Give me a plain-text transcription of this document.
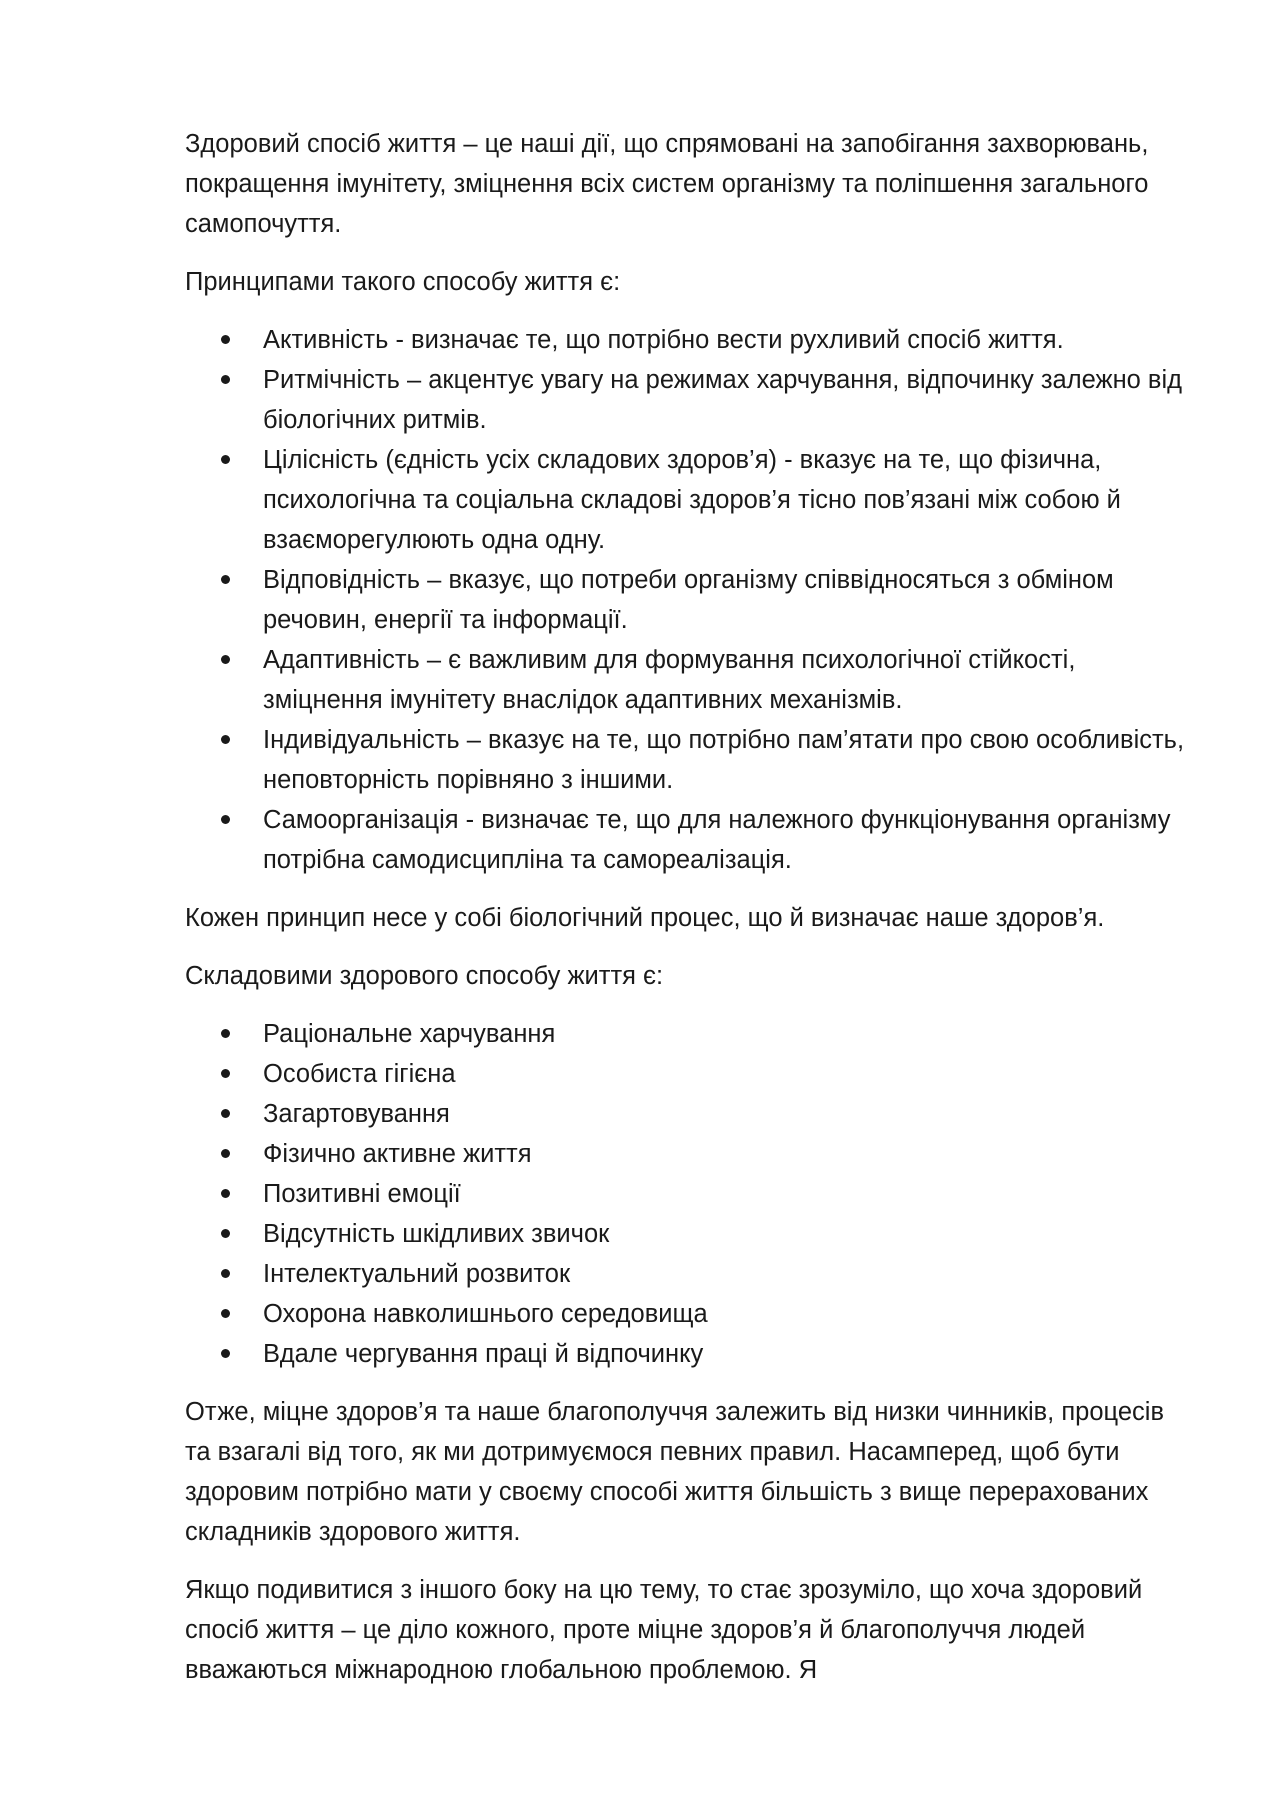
Здоровий спосіб життя – це наші дії, що спрямовані на запобігання захворювань, покращення імунітету, зміцнення всіх систем організму та поліпшення загального самопочуття.

Принципами такого способу життя є:

Активність - визначає те, що потрібно вести рухливий спосіб життя.
Ритмічність – акцентує увагу на режимах харчування, відпочинку залежно від біологічних ритмів.
Цілісність (єдність усіх складових здоров’я) - вказує на те, що фізична, психологічна та соціальна складові здоров’я тісно пов’язані між собою й взаєморегулюють одна одну.
Відповідність – вказує, що потреби організму співвідносяться з обміном речовин, енергії та інформації.
Адаптивність – є важливим для формування психологічної стійкості, зміцнення імунітету внаслідок адаптивних механізмів.
Індивідуальність – вказує на те, що потрібно пам’ятати про свою особливість, неповторність порівняно з іншими.
Самоорганізація - визначає те, що для належного функціонування організму потрібна самодисципліна та самореалізація.

Кожен принцип несе у собі біологічний процес, що й визначає наше здоров’я.

Складовими здорового способу життя є:

Раціональне харчування
Особиста гігієна
Загартовування
Фізично активне життя
Позитивні емоції
Відсутність шкідливих звичок
Інтелектуальний розвиток
Охорона навколишнього середовища
Вдале чергування праці й відпочинку

Отже, міцне здоров’я та наше благополуччя залежить від низки чинників, процесів та взагалі від того, як ми дотримуємося певних правил. Насамперед, щоб бути здоровим потрібно мати у своєму способі життя більшість з вище перерахованих складників здорового життя.

Якщо подивитися з іншого боку на цю тему, то стає зрозуміло, що хоча здоровий спосіб життя – це діло кожного, проте міцне здоров’я й благополуччя людей вважаються міжнародною глобальною проблемою. Я
